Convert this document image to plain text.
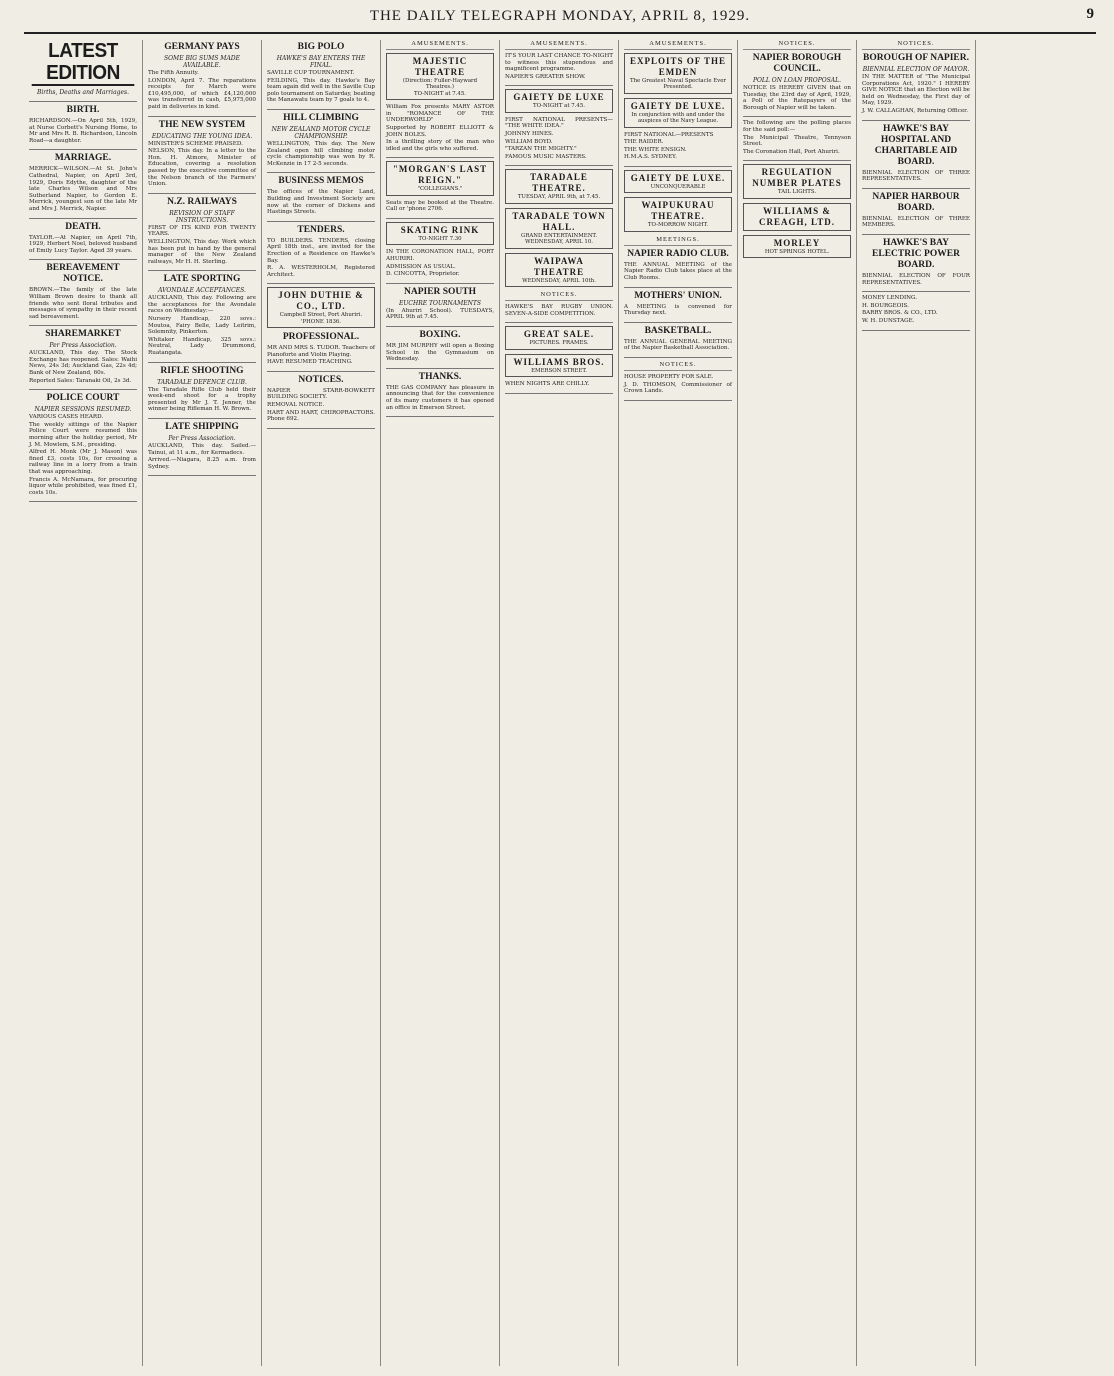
THE DAILY TELEGRAPH MONDAY, APRIL 8, 1929.	9
LATEST EDITION
Births, Deaths and Marriages.
BIRTH.

RICHARDSON.—On April 5th, 1929, at Nurse Corbett's Nursing Home, to Mr and Mrs R. B. Richardson, Lincoln Road—a daughter.

MARRIAGE.

MERRICK—WILSON.—At St. John's Cathedral, Napier, on April 3rd, 1929, Doris Edythe, daughter of the late Charles Wilson and Mrs Sutherland Napier, to Gordon E. Merrick, youngest son of the late Mr and Mrs J. Merrick, Napier.

DEATH.

TAYLOR.—At Napier, on April 7th, 1929, Herbert Noel, beloved husband of Emily Lucy Taylor. Aged 39 years.

BEREAVEMENT NOTICE.

BROWN.—The family of the late William Brown desire to thank all friends who sent floral tributes and messages of sympathy in their recent sad bereavement.

SHAREMARKET
Per Press Association.

AUCKLAND, This day. The Stock Exchange has reopened. Sales: Waihi News, 24s 3d; Auckland Gas, 22s 4d; Bank of New Zealand, 60s.

Reported Sales: Taranaki Oil, 2s 3d.

POLICE COURT
NAPIER SESSIONS RESUMED.

VARIOUS CASES HEARD.

The weekly sittings of the Napier Police Court were resumed this morning after the holiday period, Mr J. M. Mowlem, S.M., presiding.

Alfred H. Monk (Mr J. Mason) was fined £3, costs 10s, for crossing a railway line in a lorry from a train that was approaching.

Francis A. McNamara, for procuring liquor while prohibited, was fined £1, costs 10s.

GERMANY PAYS
SOME BIG SUMS MADE AVAILABLE.

The Fifth Annuity.

LONDON, April 7. The reparations receipts for March were £10,495,000, of which £4,120,000 was transferred in cash, £5,975,000 paid in deliveries in kind.

THE NEW SYSTEM
EDUCATING THE YOUNG IDEA.

MINISTER'S SCHEME PRAISED.

NELSON, This day. In a letter to the Hon. H. Atmore, Minister of Education, covering a resolution passed by the executive committee of the Nelson branch of the Farmers' Union.

N.Z. RAILWAYS
REVISION OF STAFF INSTRUCTIONS.

FIRST OF ITS KIND FOR TWENTY YEARS.

WELLINGTON, This day. Work which has been put in hand by the general manager of the New Zealand railways, Mr H. H. Sterling.

LATE SPORTING
AVONDALE ACCEPTANCES.

AUCKLAND, This day. Following are the acceptances for the Avondale races on Wednesday:—

Nursery Handicap, 220 sovs.: Moutoa, Fairy Belle, Lady Leitrim, Solemnity, Pinkerton.

Whitaker Handicap, 325 sovs.: Neutral, Lady Drummond, Ruatangata.

RIFLE SHOOTING
TARADALE DEFENCE CLUB.

The Taradale Rifle Club held their week-end shoot for a trophy presented by Mr J. T. Jenner, the winner being Rifleman H. W. Brown.

LATE SHIPPING
Per Press Association.

AUCKLAND, This day. Sailed.—Tainui, at 11 a.m., for Kermadecs.

Arrived.—Niagara, 8.25 a.m. from Sydney.

BIG POLO
HAWKE'S BAY ENTERS THE FINAL.

SAVILLE CUP TOURNAMENT.

FEILDING, This day. Hawke's Bay team again did well in the Saville Cup polo tournament on Saturday, beating the Manawatu team by 7 goals to 4.

HILL CLIMBING
NEW ZEALAND MOTOR CYCLE CHAMPIONSHIP.

WELLINGTON, This day. The New Zealand open hill climbing motor cycle championship was won by R. McKenzie in 17 2-5 seconds.

BUSINESS MEMOS

The offices of the Napier Land, Building and Investment Society are now at the corner of Dickens and Hastings Streets.

TENDERS.

TO BUILDERS. TENDERS, closing April 18th inst., are invited for the Erection of a Residence on Hawke's Bay.

R. A. WESTERHOLM, Registered Architect.

JOHN DUTHIE & CO., LTD.

Campbell Street, Port Ahuriri.

'PHONE 1836.

PROFESSIONAL.

MR AND MRS S. TUDOR. Teachers of Pianoforte and Violin Playing.

HAVE RESUMED TEACHING.

NOTICES.

NAPIER STARR-BOWKETT BUILDING SOCIETY.

REMOVAL NOTICE.

HART AND HART, CHIROPRACTORS. Phone 692.

AMUSEMENTS.
MAJESTIC THEATRE

(Direction: Fuller-Hayward Theatres.)

TO-NIGHT at 7.45.

William Fox presents MARY ASTOR in "ROMANCE OF THE UNDERWORLD"

Supported by ROBERT ELLIOTT & JOHN BOLES.

In a thrilling story of the man who idled and the girls who suffered.

"MORGAN'S LAST REIGN."

"COLLEGIANS."

Seats may be booked at the Theatre. Call or 'phone 2706.

SKATING RINK

TO-NIGHT 7.30

IN THE CORONATION HALL, PORT AHURIRI.

ADMISSION AS USUAL.

D. CINCOTTA, Proprietor.

NAPIER SOUTH
EUCHRE TOURNAMENTS

(In Ahuriri School). TUESDAYS, APRIL 9th at 7.45.

BOXING.

MR JIM MURPHY will open a Boxing School in the Gymnasium on Wednesday.

THANKS.

THE GAS COMPANY has pleasure in announcing that for the convenience of its many customers it has opened an office in Emerson Street.

AMUSEMENTS.

IT'S YOUR LAST CHANCE TO-NIGHT to witness this stupendous and magnificent programme.

NAPIER'S GREATER SHOW.

GAIETY DE LUXE

TO-NIGHT at 7.45.

FIRST NATIONAL PRESENTS— "THE WHITE IDEA."

JOHNNY HINES.

WILLIAM BOYD.

"TARZAN THE MIGHTY."

FAMOUS MUSIC MASTERS.

TARADALE THEATRE.

TUESDAY, APRIL 9th, at 7.45.

TARADALE TOWN HALL.

GRAND ENTERTAINMENT.

WEDNESDAY, APRIL 10.

WAIPAWA THEATRE

WEDNESDAY, APRIL 10th.

NOTICES.

HAWKE'S BAY RUGBY UNION. SEVEN-A-SIDE COMPETITION.

GREAT SALE.

PICTURES. FRAMES.

WILLIAMS BROS.

EMERSON STREET.

WHEN NIGHTS ARE CHILLY.

AMUSEMENTS.
EXPLOITS OF THE EMDEN

The Greatest Naval Spectacle Ever Presented.

GAIETY DE LUXE.

In conjunction with and under the auspices of the Navy League.

FIRST NATIONAL—PRESENTS

THE RAIDER.

THE WHITE ENSIGN.

H.M.A.S. SYDNEY.

GAIETY DE LUXE.

UNCONQUERABLE

WAIPUKURAU THEATRE.

TO-MORROW NIGHT.

MEETINGS.
NAPIER RADIO CLUB.

THE ANNUAL MEETING of the Napier Radio Club takes place at the Club Rooms.

MOTHERS' UNION.

A MEETING is convened for Thursday next.

BASKETBALL.

THE ANNUAL GENERAL MEETING of the Napier Basketball Association.

NOTICES.

HOUSE PROPERTY FOR SALE.

J. D. THOMSON, Commissioner of Crown Lands.

NOTICES.
NAPIER BOROUGH COUNCIL.
POLL ON LOAN PROPOSAL.

NOTICE IS HEREBY GIVEN that on Tuesday, the 23rd day of April, 1929, a Poll of the Ratepayers of the Borough of Napier will be taken.

The following are the polling places for the said poll:—

The Municipal Theatre, Tennyson Street.

The Coronation Hall, Port Ahuriri.

REGULATION NUMBER PLATES

TAIL LIGHTS.

WILLIAMS & CREAGH, LTD.
MORLEY

HOT SPRINGS HOTEL.

NOTICES.
BOROUGH OF NAPIER.
BIENNIAL ELECTION OF MAYOR.

IN THE MATTER of "The Municipal Corporations Act, 1920." I HEREBY GIVE NOTICE that an Election will be held on Wednesday, the First day of May, 1929.

J. W. CALLAGHAN, Returning Officer.

HAWKE'S BAY HOSPITAL AND CHARITABLE AID BOARD.

BIENNIAL ELECTION OF THREE REPRESENTATIVES.

NAPIER HARBOUR BOARD.

BIENNIAL ELECTION OF THREE MEMBERS.

HAWKE'S BAY ELECTRIC POWER BOARD.

BIENNIAL ELECTION OF FOUR REPRESENTATIVES.

MONEY LENDING.

H. BOURGEOIS.

BARRY BROS. & CO., LTD.

W. H. DUNSTAGE.
